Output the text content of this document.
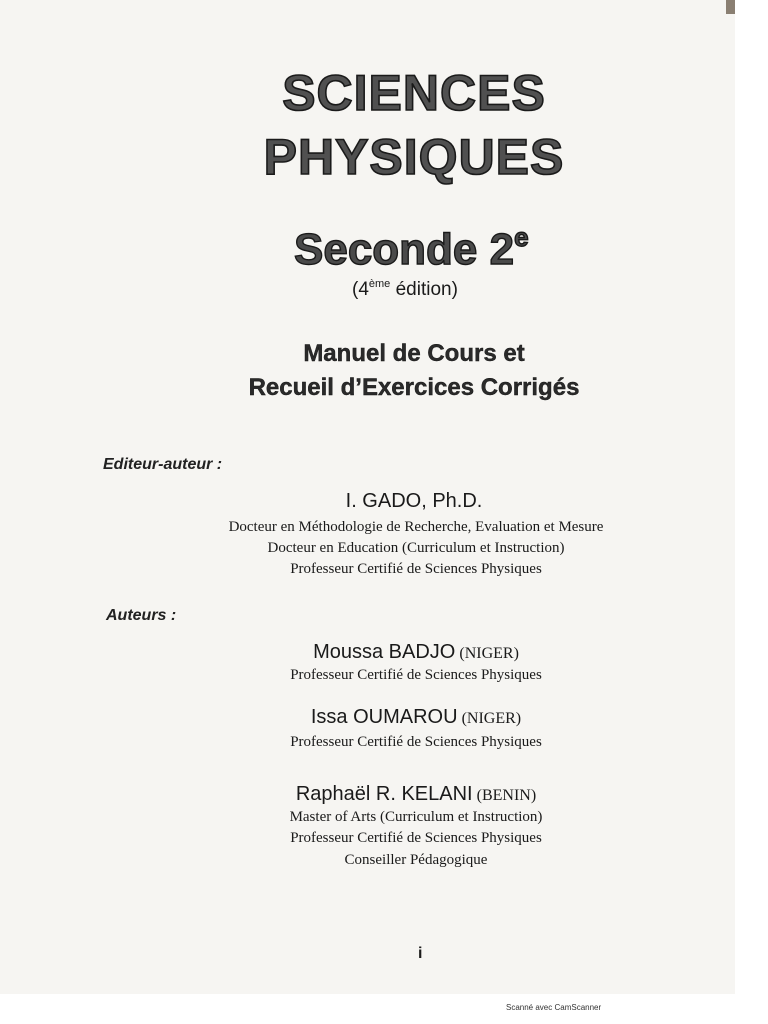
SCIENCES
PHYSIQUES
Seconde 2e
(4ème édition)
Manuel de Cours et
Recueil d’Exercices Corrigés
Editeur-auteur :
I. GADO, Ph.D.
Docteur en Méthodologie de Recherche, Evaluation et Mesure
Docteur en Education (Curriculum et Instruction)
Professeur Certifié de Sciences Physiques
Auteurs :
Moussa BADJO (NIGER)
Professeur Certifié de Sciences Physiques
Issa OUMAROU (NIGER)
Professeur Certifié de Sciences Physiques
Raphaël R. KELANI (BENIN)
Master of Arts (Curriculum et Instruction)
Professeur Certifié de Sciences Physiques
Conseiller Pédagogique
i
Scanné avec CamScanner
